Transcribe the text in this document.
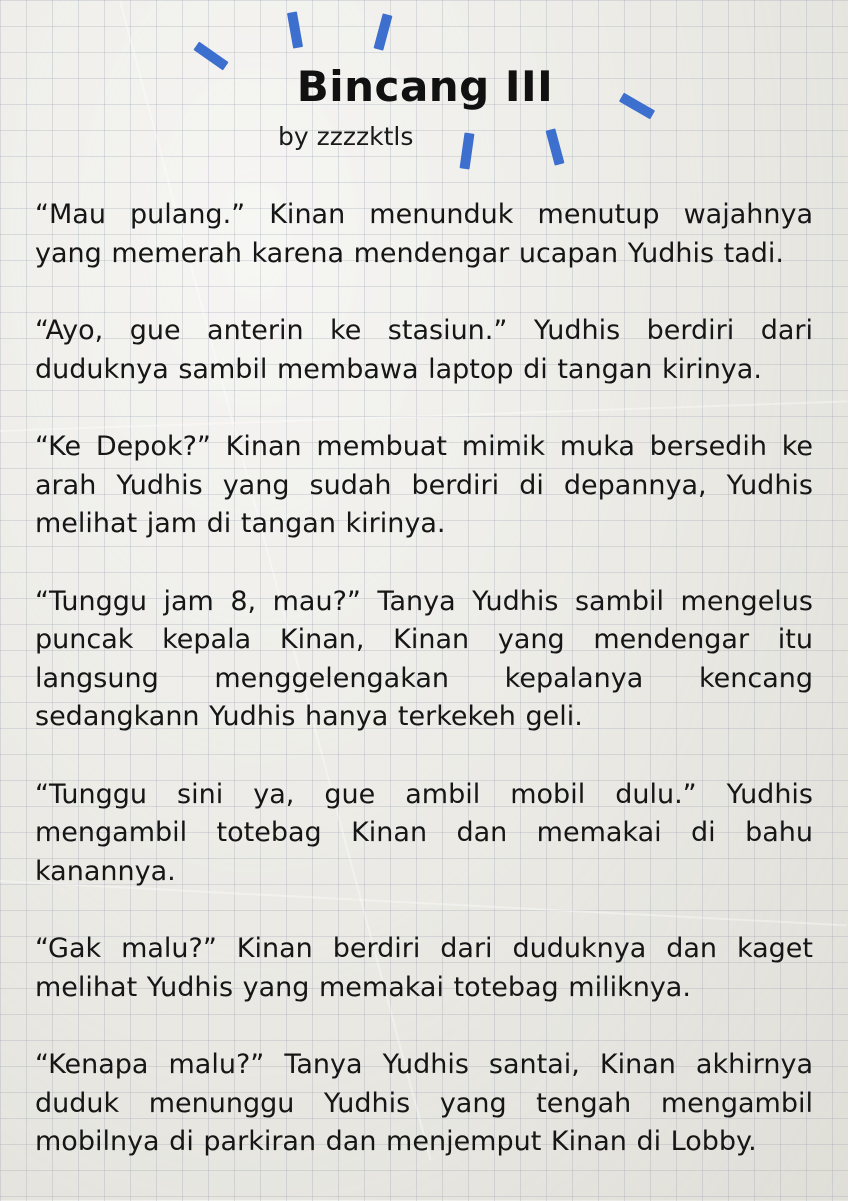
Bincang III
by zzzzktls

“Mau pulang.” Kinan menunduk menutup wajahnya yang memerah karena mendengar ucapan Yudhis tadi.

“Ayo, gue anterin ke stasiun.” Yudhis berdiri dari duduknya sambil membawa laptop di tangan kirinya.

“Ke Depok?” Kinan membuat mimik muka bersedih ke arah Yudhis yang sudah berdiri di depannya, Yudhis melihat jam di tangan kirinya.

“Tunggu jam 8, mau?” Tanya Yudhis sambil mengelus puncak kepala Kinan, Kinan yang mendengar itu langsung menggelengakan kepalanya kencang sedangkann Yudhis hanya terkekeh geli.

“Tunggu sini ya, gue ambil mobil dulu.” Yudhis mengambil totebag Kinan dan memakai di bahu kanannya.

“Gak malu?” Kinan berdiri dari duduknya dan kaget melihat Yudhis yang memakai totebag miliknya.

“Kenapa malu?” Tanya Yudhis santai, Kinan akhirnya duduk menunggu Yudhis yang tengah mengambil mobilnya di parkiran dan menjemput Kinan di Lobby.
